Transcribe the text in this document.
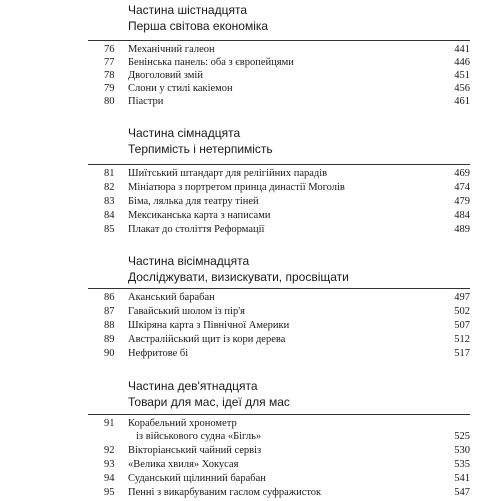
Частина шістнадцята
Перша світова економіка
76	Механічний галеон	441
77	Бенінська панель: оба з європейцями	446
78	Двоголовий змій	451
79	Слони у стилі какіемон	456
80	Піастри	461
Частина сімнадцята
Терпимість і нетерпимість
81	Шиїтський штандарт для релігійних парадів	469
82	Мініатюра з портретом принца династії Моголів	474
83	Біма, лялька для театру тіней	479
84	Мексиканська карта з написами	484
85	Плакат до століття Реформації	489
Частина вісімнадцята
Досліджувати, визискувати, просвіщати
86	Аканський барабан	497
87	Гавайський шолом із пір'я	502
88	Шкіряна карта з Північної Америки	507
89	Австралійський щит із кори дерева	512
90	Нефритове бі	517
Частина дев'ятнадцята
Товари для мас, ідеї для мас
91	Корабельний хронометр
із військового судна «Бігль»	525
92	Вікторіанський чайний сервіз	530
93	«Велика хвиля» Хокусая	535
94	Суданський щілинний барабан	541
95	Пенні з викарбуваним гаслом суфражисток	547
